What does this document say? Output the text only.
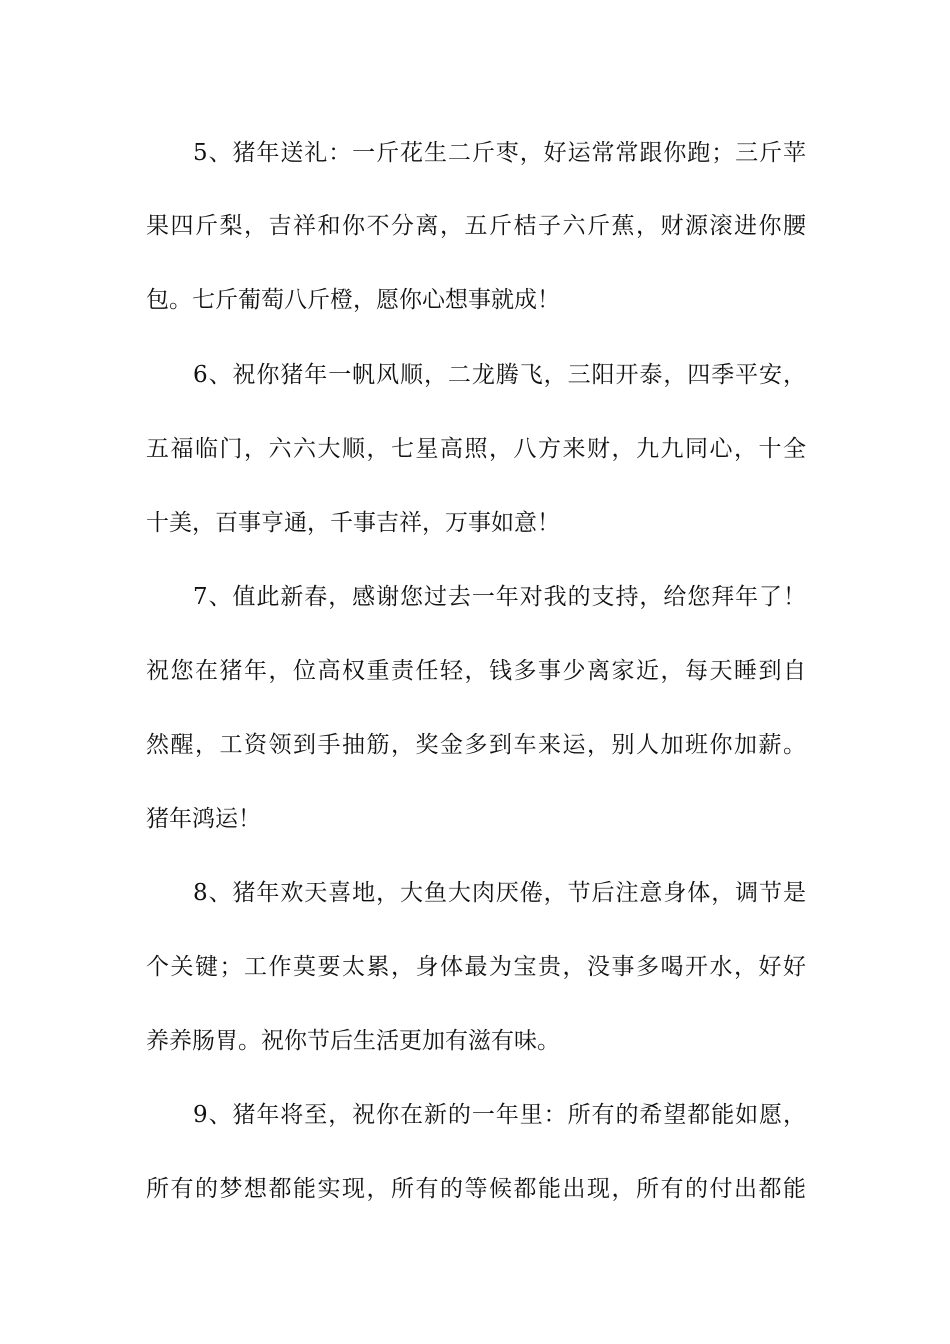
5、猪年送礼：一斤花生二斤枣，好运常常跟你跑；三斤苹
果四斤梨，吉祥和你不分离，五斤桔子六斤蕉，财源滚进你腰
包。七斤葡萄八斤橙，愿你心想事就成！
6、祝你猪年一帆风顺，二龙腾飞，三阳开泰，四季平安，
五福临门，六六大顺，七星高照，八方来财，九九同心，十全
十美，百事亨通，千事吉祥，万事如意！
7、值此新春，感谢您过去一年对我的支持，给您拜年了！
祝您在猪年，位高权重责任轻，钱多事少离家近，每天睡到自
然醒，工资领到手抽筋，奖金多到车来运，别人加班你加薪。
猪年鸿运！
8、猪年欢天喜地，大鱼大肉厌倦，节后注意身体，调节是
个关键；工作莫要太累，身体最为宝贵，没事多喝开水，好好
养养肠胃。祝你节后生活更加有滋有味。
9、猪年将至，祝你在新的一年里：所有的希望都能如愿，
所有的梦想都能实现，所有的等候都能出现，所有的付出都能
